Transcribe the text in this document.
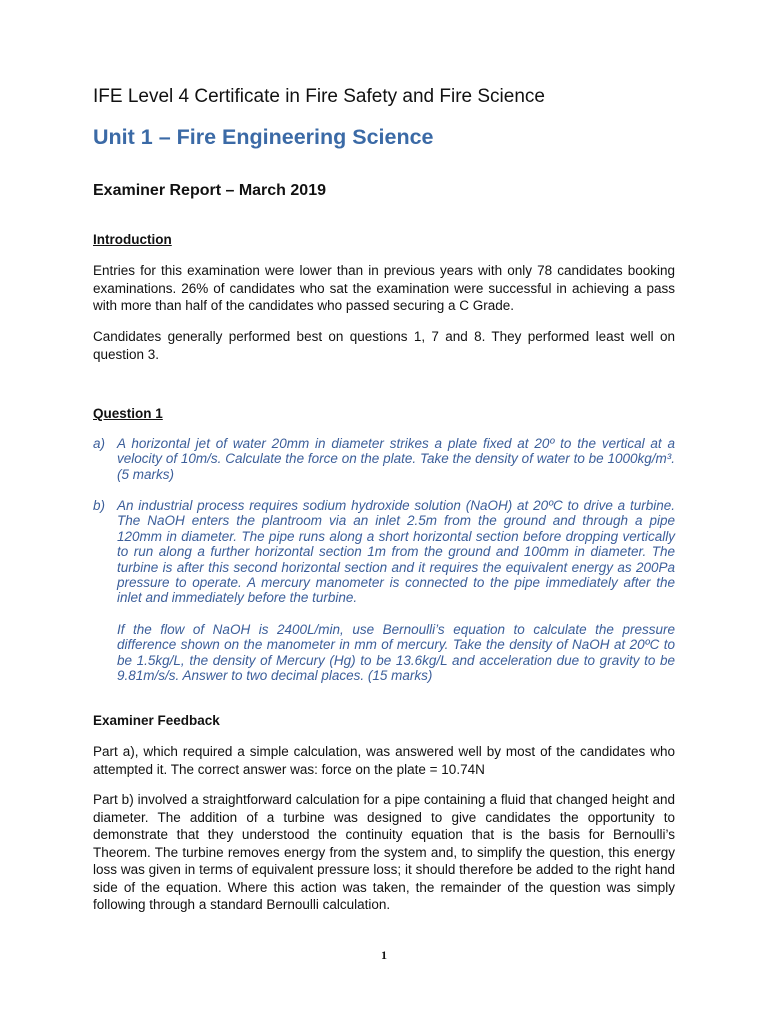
IFE Level 4 Certificate in Fire Safety and Fire Science
Unit 1 – Fire Engineering Science
Examiner Report – March 2019
Introduction

Entries for this examination were lower than in previous years with only 78 candidates booking examinations. 26% of candidates who sat the examination were successful in achieving a pass with more than half of the candidates who passed securing a C Grade.

Candidates generally performed best on questions 1, 7 and 8. They performed least well on question 3.

Question 1
a) A horizontal jet of water 20mm in diameter strikes a plate fixed at 20º to the vertical at a velocity of 10m/s. Calculate the force on the plate. Take the density of water to be 1000kg/m³. (5 marks)
b) An industrial process requires sodium hydroxide solution (NaOH) at 20ºC to drive a turbine. The NaOH enters the plantroom via an inlet 2.5m from the ground and through a pipe 120mm in diameter. The pipe runs along a short horizontal section before dropping vertically to run along a further horizontal section 1m from the ground and 100mm in diameter. The turbine is after this second horizontal section and it requires the equivalent energy as 200Pa pressure to operate. A mercury manometer is connected to the pipe immediately after the inlet and immediately before the turbine.
If the flow of NaOH is 2400L/min, use Bernoulli’s equation to calculate the pressure difference shown on the manometer in mm of mercury. Take the density of NaOH at 20ºC to be 1.5kg/L, the density of Mercury (Hg) to be 13.6kg/L and acceleration due to gravity to be 9.81m/s/s. Answer to two decimal places. (15 marks)
Examiner Feedback

Part a), which required a simple calculation, was answered well by most of the candidates who attempted it. The correct answer was: force on the plate = 10.74N

Part b) involved a straightforward calculation for a pipe containing a fluid that changed height and diameter. The addition of a turbine was designed to give candidates the opportunity to demonstrate that they understood the continuity equation that is the basis for Bernoulli’s Theorem. The turbine removes energy from the system and, to simplify the question, this energy loss was given in terms of equivalent pressure loss; it should therefore be added to the right hand side of the equation. Where this action was taken, the remainder of the question was simply following through a standard Bernoulli calculation.

1
